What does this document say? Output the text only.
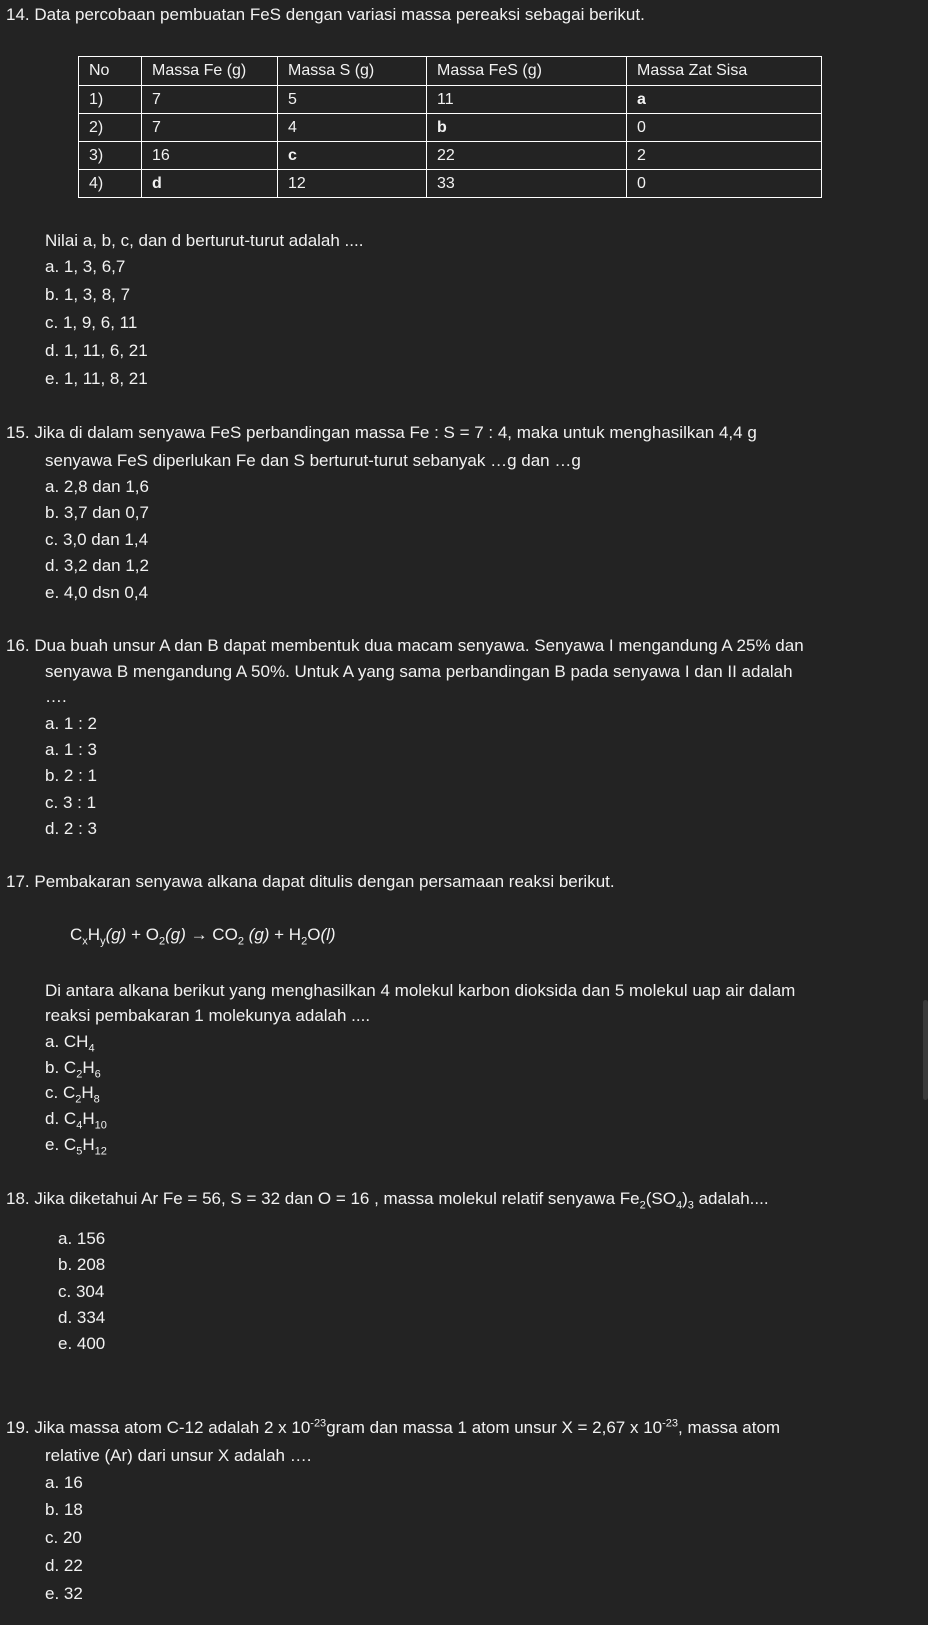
14. Data percobaan pembuatan FeS dengan variasi massa pereaksi sebagai berikut.
No	Massa Fe (g)	Massa S (g)	Massa FeS (g)	Massa Zat Sisa
1)	7	5	11	a
2)	7	4	b	0
3)	16	c	22	2
4)	d	12	33	0
Nilai a, b, c, dan d berturut-turut adalah ....
a. 1, 3, 6,7
b. 1, 3, 8, 7
c. 1, 9, 6, 11
d. 1, 11, 6, 21
e. 1, 11, 8, 21
15. Jika di dalam senyawa FeS perbandingan massa Fe : S = 7 : 4, maka untuk menghasilkan 4,4 g
senyawa FeS diperlukan Fe dan S berturut-turut sebanyak …g dan …g
a. 2,8 dan 1,6
b. 3,7 dan 0,7
c. 3,0 dan 1,4
d. 3,2 dan 1,2
e. 4,0 dsn 0,4
16. Dua buah unsur A dan B dapat membentuk dua macam senyawa. Senyawa I mengandung A 25% dan
senyawa B mengandung A 50%. Untuk A yang sama perbandingan B pada senyawa I dan II adalah
….
a. 1 : 2
a. 1 : 3
b. 2 : 1
c. 3 : 1
d. 2 : 3
17. Pembakaran senyawa alkana dapat ditulis dengan persamaan reaksi berikut.
$C_xH_y(g) + O_2(g) \to CO_2$ $(g) + H_2O(l)$
Di antara alkana berikut yang menghasilkan 4 molekul karbon dioksida dan 5 molekul uap air dalam
reaksi pembakaran 1 molekunya adalah ....
a. $CH_4$
b. $C_2H_6$
c. $C_2H_8$
d. $C_4H_{10}$
e. $C_5H_{12}$
18. Jika diketahui Ar Fe = 56, S = 32 dan O = 16 , massa molekul relatif senyawa $Fe_2(SO_4)_3$ adalah....
a. 156
b. 208
c. 304
d. 334
e. 400
19. Jika massa atom C-12 adalah 2 x $10^{-23}gram$ dan massa 1 atom unsur X = 2,67 x $10^{-23}$, massa atom
relative (Ar) dari unsur X adalah ….
a. 16
b. 18
c. 20
d. 22
e. 32
